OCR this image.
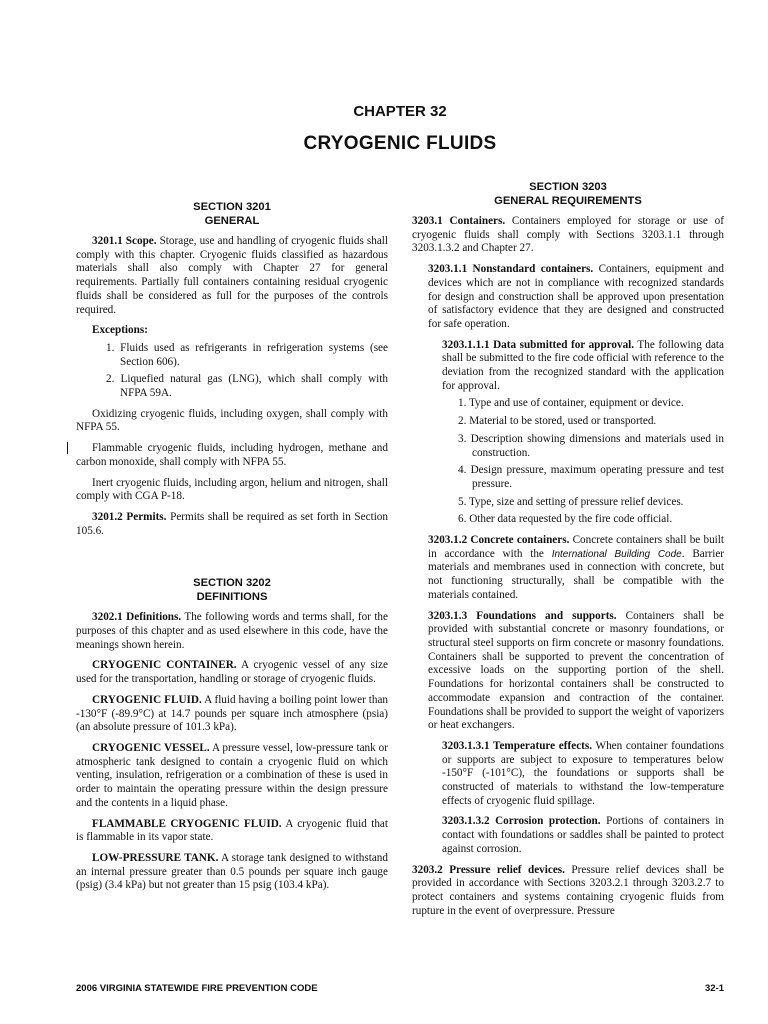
CHAPTER 32
CRYOGENIC FLUIDS

SECTION 3201

GENERAL

3201.1 Scope. Storage, use and handling of cryogenic fluids shall comply with this chapter. Cryogenic fluids classified as hazardous materials shall also comply with Chapter 27 for general requirements. Partially full containers containing residual cryogenic fluids shall be considered as full for the purposes of the controls required.

Exceptions:

1. Fluids used as refrigerants in refrigeration systems (see Section 606).
2. Liquefied natural gas (LNG), which shall comply with NFPA 59A.

Oxidizing cryogenic fluids, including oxygen, shall comply with NFPA 55.

Flammable cryogenic fluids, including hydrogen, methane and carbon monoxide, shall comply with NFPA 55.

Inert cryogenic fluids, including argon, helium and nitrogen, shall comply with CGA P-18.

3201.2 Permits. Permits shall be required as set forth in Section 105.6.

SECTION 3202

DEFINITIONS

3202.1 Definitions. The following words and terms shall, for the purposes of this chapter and as used elsewhere in this code, have the meanings shown herein.

CRYOGENIC CONTAINER. A cryogenic vessel of any size used for the transportation, handling or storage of cryogenic fluids.

CRYOGENIC FLUID. A fluid having a boiling point lower than -130°F (-89.9°C) at 14.7 pounds per square inch atmosphere (psia) (an absolute pressure of 101.3 kPa).

CRYOGENIC VESSEL. A pressure vessel, low-pressure tank or atmospheric tank designed to contain a cryogenic fluid on which venting, insulation, refrigeration or a combination of these is used in order to maintain the operating pressure within the design pressure and the contents in a liquid phase.

FLAMMABLE CRYOGENIC FLUID. A cryogenic fluid that is flammable in its vapor state.

LOW-PRESSURE TANK. A storage tank designed to withstand an internal pressure greater than 0.5 pounds per square inch gauge (psig) (3.4 kPa) but not greater than 15 psig (103.4 kPa).

SECTION 3203

GENERAL REQUIREMENTS

3203.1 Containers. Containers employed for storage or use of cryogenic fluids shall comply with Sections 3203.1.1 through 3203.1.3.2 and Chapter 27.

3203.1.1 Nonstandard containers. Containers, equipment and devices which are not in compliance with recognized standards for design and construction shall be approved upon presentation of satisfactory evidence that they are designed and constructed for safe operation.

3203.1.1.1 Data submitted for approval. The following data shall be submitted to the fire code official with reference to the deviation from the recognized standard with the application for approval.

1. Type and use of container, equipment or device.
2. Material to be stored, used or transported.
3. Description showing dimensions and materials used in construction.
4. Design pressure, maximum operating pressure and test pressure.
5. Type, size and setting of pressure relief devices.
6. Other data requested by the fire code official.

3203.1.2 Concrete containers. Concrete containers shall be built in accordance with the International Building Code. Barrier materials and membranes used in connection with concrete, but not functioning structurally, shall be compatible with the materials contained.

3203.1.3 Foundations and supports. Containers shall be provided with substantial concrete or masonry foundations, or structural steel supports on firm concrete or masonry foundations. Containers shall be supported to prevent the concentration of excessive loads on the supporting portion of the shell. Foundations for horizontal containers shall be constructed to accommodate expansion and contraction of the container. Foundations shall be provided to support the weight of vaporizers or heat exchangers.

3203.1.3.1 Temperature effects. When container foundations or supports are subject to exposure to temperatures below -150°F (-101°C), the foundations or supports shall be constructed of materials to withstand the low-temperature effects of cryogenic fluid spillage.

3203.1.3.2 Corrosion protection. Portions of containers in contact with foundations or saddles shall be painted to protect against corrosion.

3203.2 Pressure relief devices. Pressure relief devices shall be provided in accordance with Sections 3203.2.1 through 3203.2.7 to protect containers and systems containing cryogenic fluids from rupture in the event of overpressure. Pressure

2006 VIRGINIA STATEWIDE FIRE PREVENTION CODE	32-1
